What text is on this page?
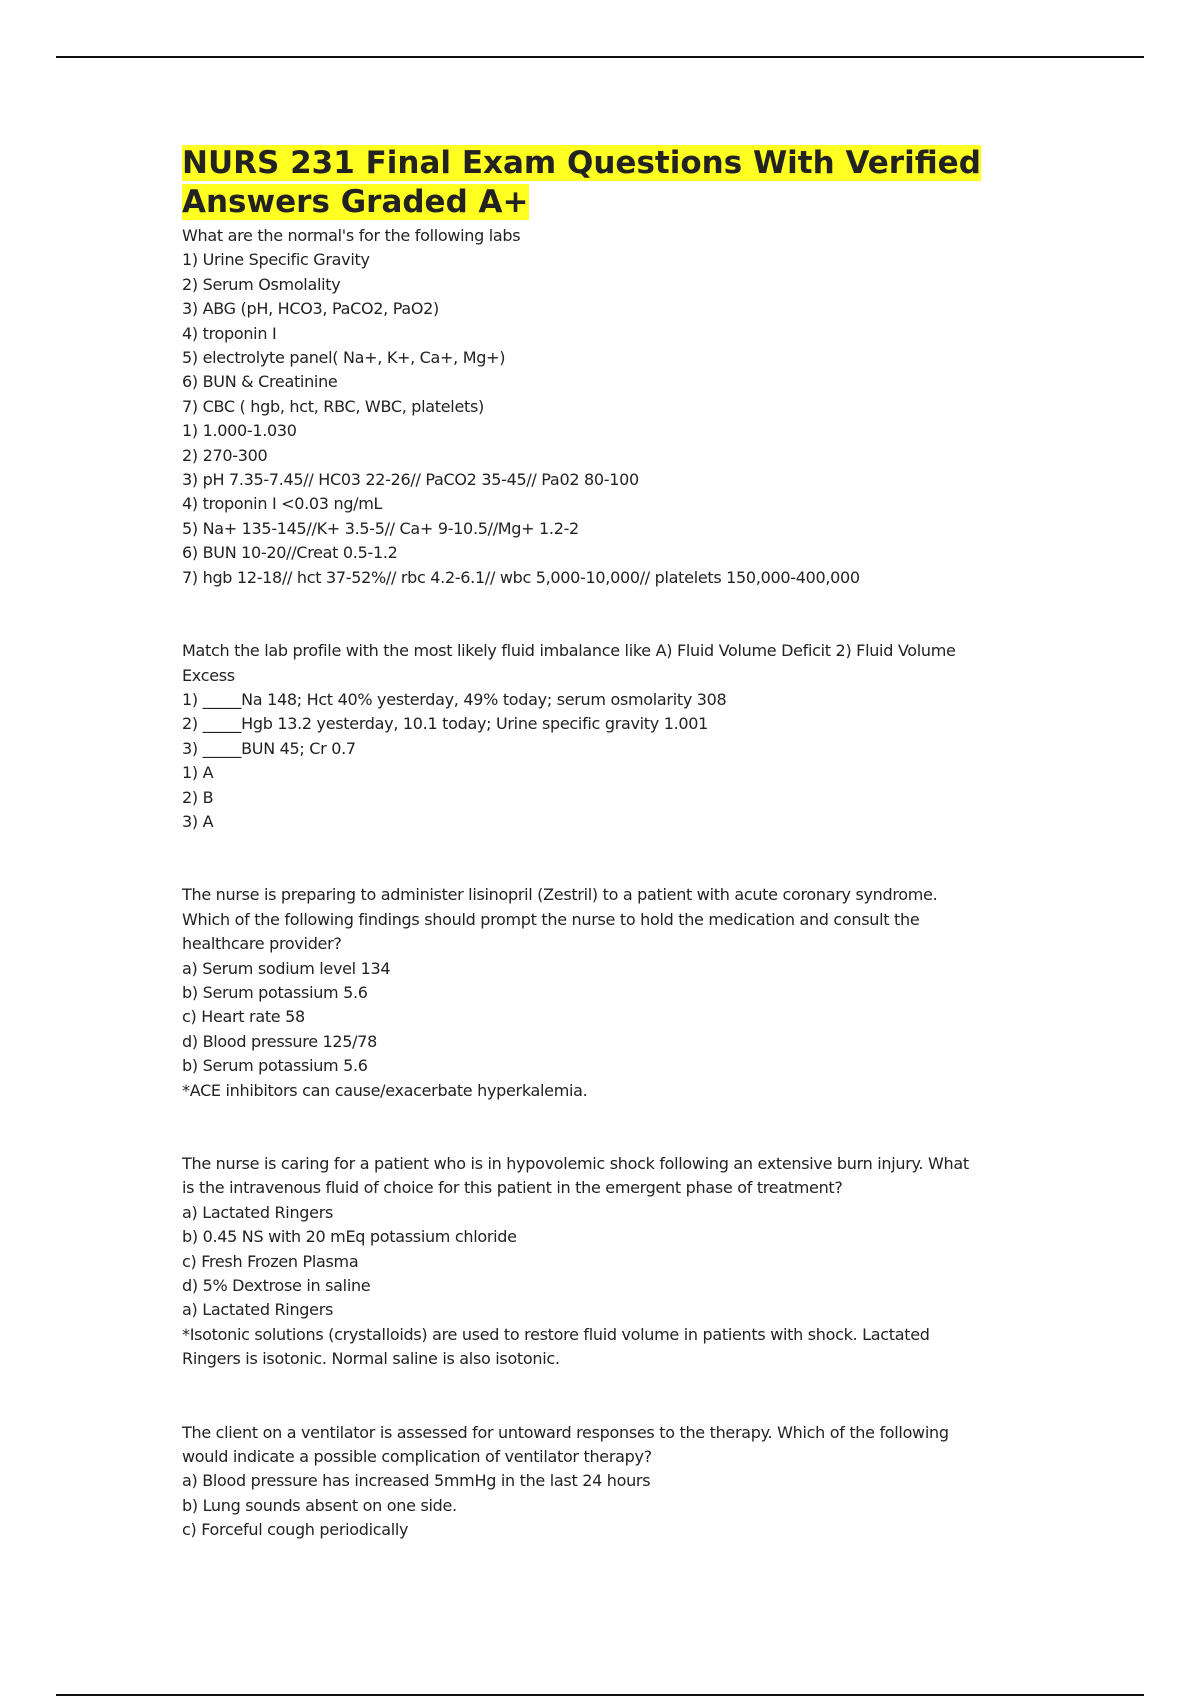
NURS 231 Final Exam Questions With Verified
Answers Graded A+
What are the normal's for the following labs
1) Urine Specific Gravity
2) Serum Osmolality
3) ABG (pH, HCO3, PaCO2, PaO2)
4) troponin I
5) electrolyte panel( Na+, K+, Ca+, Mg+)
6) BUN & Creatinine
7) CBC ( hgb, hct, RBC, WBC, platelets)
1) 1.000-1.030
2) 270-300
3) pH 7.35-7.45// HC03 22-26// PaCO2 35-45// Pa02 80-100
4) troponin I <0.03 ng/mL
5) Na+ 135-145//K+ 3.5-5// Ca+ 9-10.5//Mg+ 1.2-2
6) BUN 10-20//Creat 0.5-1.2
7) hgb 12-18// hct 37-52%// rbc 4.2-6.1// wbc 5,000-10,000// platelets 150,000-400,000
Match the lab profile with the most likely fluid imbalance like A) Fluid Volume Deficit 2) Fluid Volume
Excess
1) _____Na 148; Hct 40% yesterday, 49% today; serum osmolarity 308
2) _____Hgb 13.2 yesterday, 10.1 today; Urine specific gravity 1.001
3) _____BUN 45; Cr 0.7
1) A
2) B
3) A
The nurse is preparing to administer lisinopril (Zestril) to a patient with acute coronary syndrome.
Which of the following findings should prompt the nurse to hold the medication and consult the
healthcare provider?
a) Serum sodium level 134
b) Serum potassium 5.6
c) Heart rate 58
d) Blood pressure 125/78
b) Serum potassium 5.6
*ACE inhibitors can cause/exacerbate hyperkalemia.
The nurse is caring for a patient who is in hypovolemic shock following an extensive burn injury. What
is the intravenous fluid of choice for this patient in the emergent phase of treatment?
a) Lactated Ringers
b) 0.45 NS with 20 mEq potassium chloride
c) Fresh Frozen Plasma
d) 5% Dextrose in saline
a) Lactated Ringers
*Isotonic solutions (crystalloids) are used to restore fluid volume in patients with shock. Lactated
Ringers is isotonic. Normal saline is also isotonic.
The client on a ventilator is assessed for untoward responses to the therapy. Which of the following
would indicate a possible complication of ventilator therapy?
a) Blood pressure has increased 5mmHg in the last 24 hours
b) Lung sounds absent on one side.
c) Forceful cough periodically
